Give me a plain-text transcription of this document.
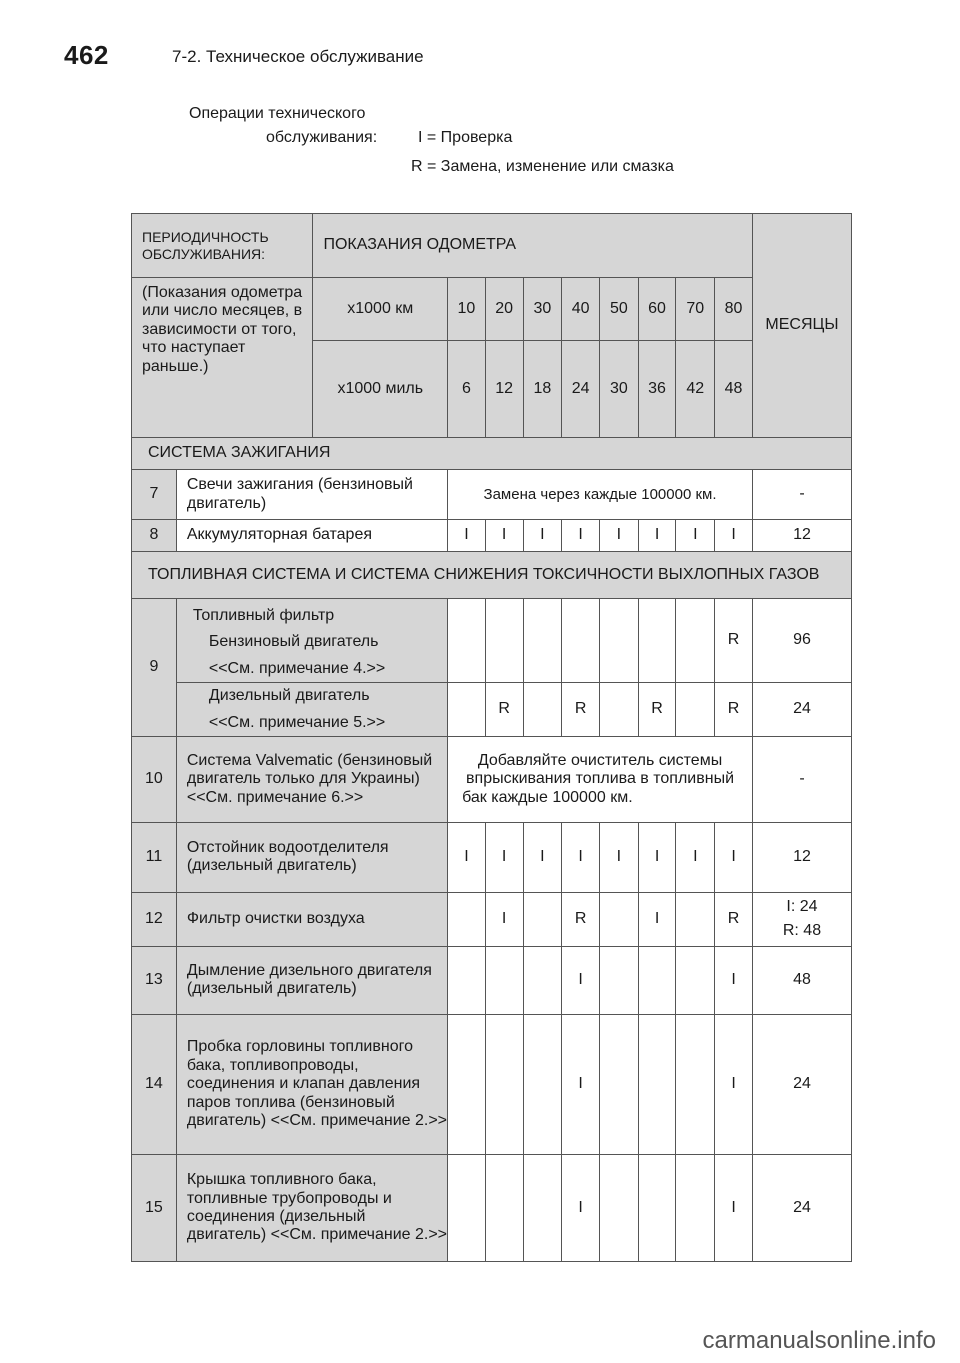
462	7-2. Техническое обслуживание
Операции технического
обслуживания:	I = Проверка
R = Замена, изменение или смазка
ПЕРИОДИЧНОСТЬ ОБСЛУЖИВАНИЯ:		ПОКАЗАНИЯ ОДОМЕТРА									МЕСЯЦЫ
(Показания одометра или число месяцев, в зависимости от того, что наступает раньше.)		x1000 км	10	20	30	40	50	60	70	80	
		x1000 миль	6	12	18	24	30	36	42	48	
СИСТЕМА ЗАЖИГАНИЯ											
7	Свечи зажигания (бензиновый двигатель)		Замена через каждые 100000 км.								-
8	Аккумуляторная батарея		I	I	I	I	I	I	I	I	12
ТОПЛИВНАЯ СИСТЕМА И СИСТЕМА СНИЖЕНИЯ ТОКСИЧНОСТИ ВЫХЛОПНЫХ ГАЗОВ											
9	Топливный фильтр
Бензиновый двигатель
<<См. примечание 4.>>									R	96

	Дизельный двигатель
<<См. примечание 5.>>			R		R		R		R	24
10	Система Valvematic (бензиновый двигатель только для Украины) <<См. примечание 6.>>		Добавляйте очиститель системы впрыскивания топлива в топливный бак каждые 100000 км.								-
11	Отстойник водоотделителя (дизельный двигатель)		I	I	I	I	I	I	I	I	12
12	Фильтр очистки воздуха			I		R		I		R	I: 24
R: 48

13	Дымление дизельного двигателя (дизельный двигатель)					I				I	48
14	Пробка горловины топливного бака, топливопроводы, соединения и клапан давления паров топлива (бензиновый двигатель) <<См. примечание 2.>>					I				I	24
15	Крышка топливного бака, топливные трубопроводы и соединения (дизельный двигатель) <<См. примечание 2.>>					I				I	24
carmanualsonline.info
